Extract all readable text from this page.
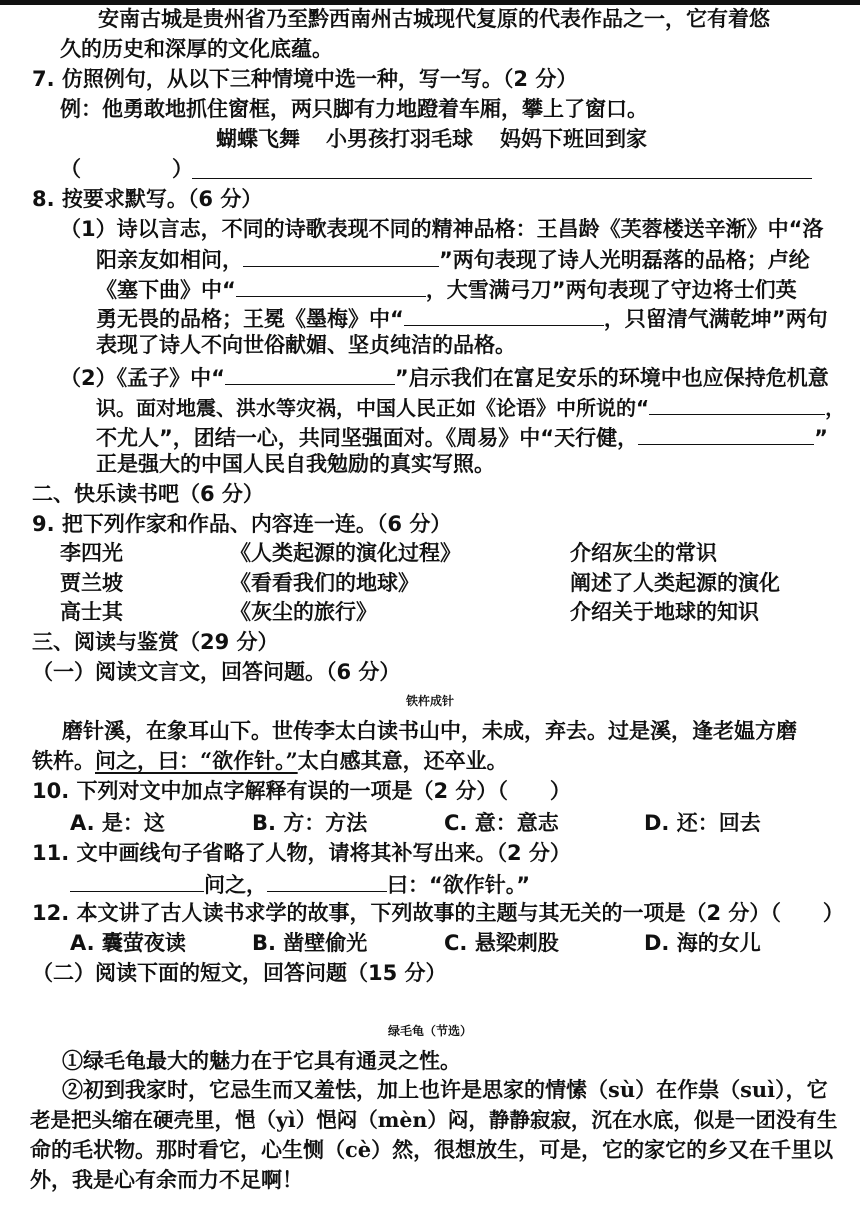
安南古城是贵州省乃至黔西南州古城现代复原的代表作品之一，它有着悠
久的历史和深厚的文化底蕴。
7. 仿照例句，从以下三种情境中选一种，写一写。（2 分）
例：他勇敢地抓住窗框，两只脚有力地蹬着车厢，攀上了窗口。
蝴蝶飞舞 小男孩打羽毛球 妈妈下班回到家
（	）
8. 按要求默写。（6 分）
（1）诗以言志，不同的诗歌表现不同的精神品格：王昌龄《芙蓉楼送辛渐》中“洛
阳亲友如相问，	”两句表现了诗人光明磊落的品格；卢纶
《塞下曲》中“	，大雪满弓刀”两句表现了守边将士们英
勇无畏的品格；王冕《墨梅》中“	，只留清气满乾坤”两句
表现了诗人不向世俗献媚、坚贞纯洁的品格。
（2）《孟子》中“	”启示我们在富足安乐的环境中也应保持危机意
识。面对地震、洪水等灾祸，中国人民正如《论语》中所说的“	，
不尤人”，团结一心，共同坚强面对。《周易》中“天行健，	”
正是强大的中国人民自我勉励的真实写照。
二、快乐读书吧（6 分）
9. 把下列作家和作品、内容连一连。（6 分）
李四光	《人类起源的演化过程》	介绍灰尘的常识
贾兰坡	《看看我们的地球》	阐述了人类起源的演化
高士其	《灰尘的旅行》	介绍关于地球的知识
三、阅读与鉴赏（29 分）
（一）阅读文言文，回答问题。（6 分）
铁杵成针
磨针溪，在象耳山下。世传李太白读书山中，未成，弃去。过是溪，逢老媪方磨
铁杵。问之，曰：“欲作针。”太白感其意，还卒业。
10. 下列对文中加点字解释有误的一项是（2 分）（　　）
A. 是：这	B. 方：方法	C. 意：意志	D. 还：回去
11. 文中画线句子省略了人物，请将其补写出来。（2 分）
问之，	曰：“欲作针。”
12. 本文讲了古人读书求学的故事，下列故事的主题与其无关的一项是（2 分）（　　）
A. 囊萤夜读	B. 凿壁偷光	C. 悬梁刺股	D. 海的女儿
（二）阅读下面的短文，回答问题（15 分）
绿毛龟（节选）
①绿毛龟最大的魅力在于它具有通灵之性。
②初到我家时，它忌生而又羞怯，加上也许是思家的情愫（sù）在作祟（suì），它
老是把头缩在硬壳里，悒（yì）悒闷（mèn）闷，静静寂寂，沉在水底，似是一团没有生
命的毛状物。那时看它，心生恻（cè）然，很想放生，可是，它的家它的乡又在千里以
外，我是心有余而力不足啊！
